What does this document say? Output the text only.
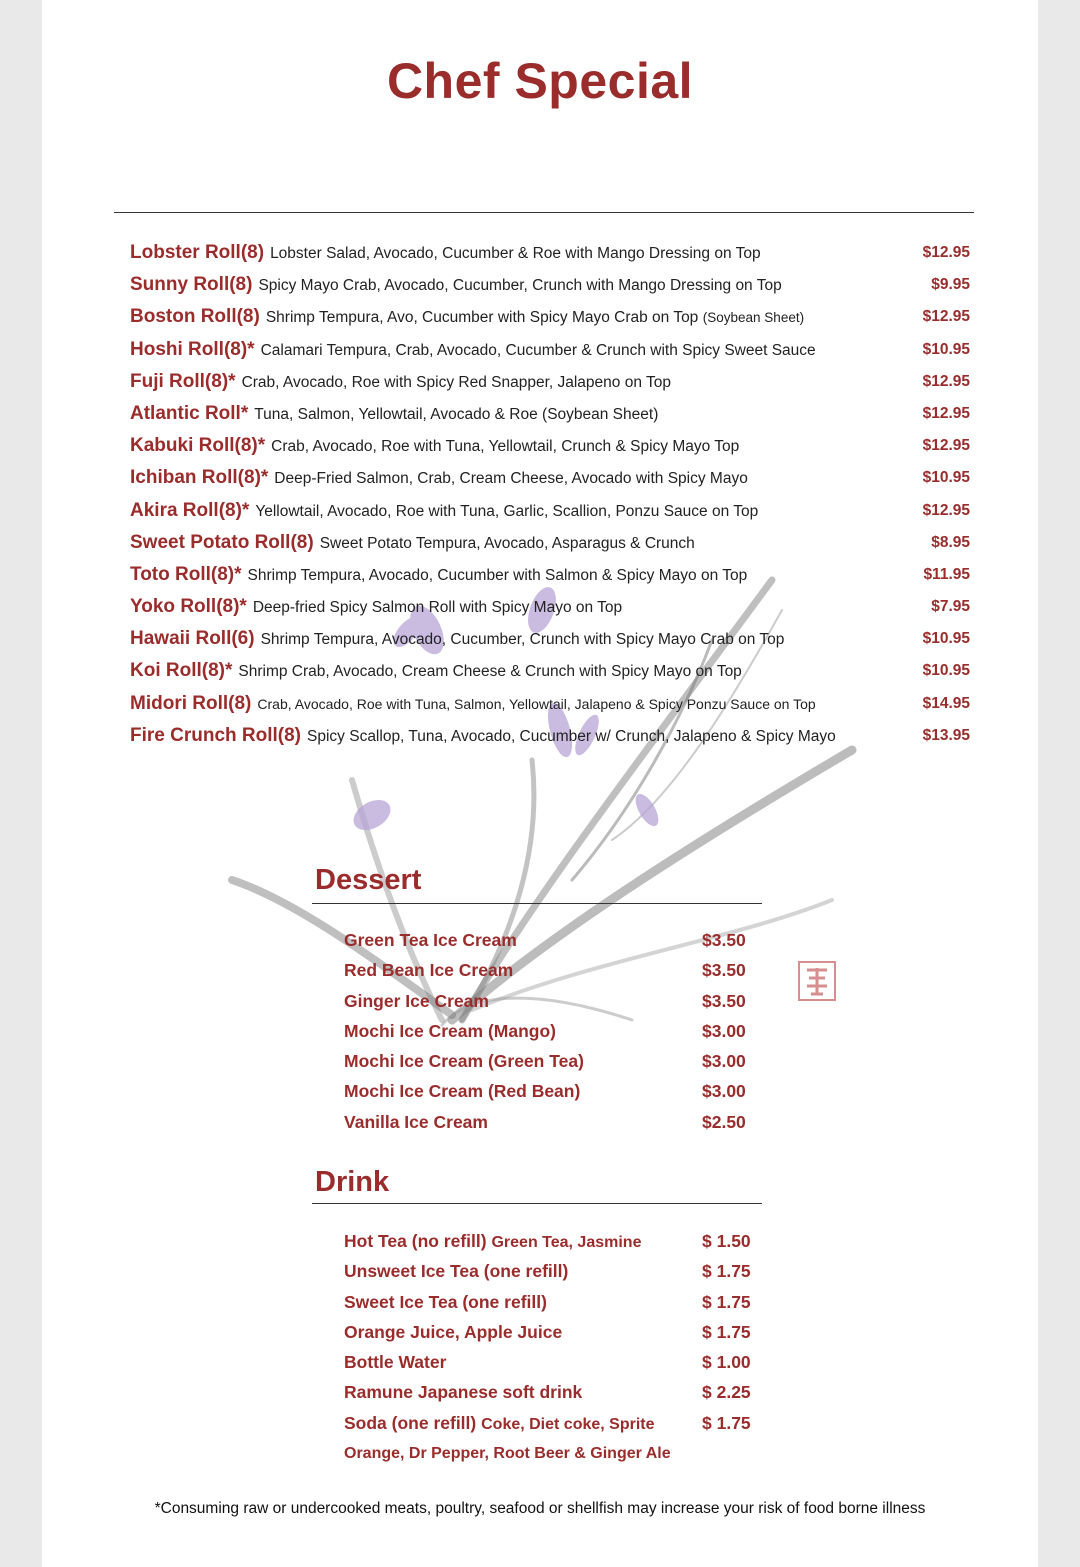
Chef Special
Lobster Roll(8) Lobster Salad, Avocado, Cucumber & Roe with Mango Dressing on Top	$12.95
Sunny Roll(8) Spicy Mayo Crab, Avocado, Cucumber, Crunch with Mango Dressing on Top	$9.95
Boston Roll(8) Shrimp Tempura, Avo, Cucumber with Spicy Mayo Crab on Top (Soybean Sheet)	$12.95
Hoshi Roll(8)* Calamari Tempura, Crab, Avocado, Cucumber & Crunch with Spicy Sweet Sauce	$10.95
Fuji Roll(8)* Crab, Avocado, Roe with Spicy Red Snapper, Jalapeno on Top	$12.95
Atlantic Roll* Tuna, Salmon, Yellowtail, Avocado & Roe (Soybean Sheet)	$12.95
Kabuki Roll(8)* Crab, Avocado, Roe with Tuna, Yellowtail, Crunch & Spicy Mayo Top	$12.95
Ichiban Roll(8)* Deep-Fried Salmon, Crab, Cream Cheese, Avocado with Spicy Mayo	$10.95
Akira Roll(8)* Yellowtail, Avocado, Roe with Tuna, Garlic, Scallion, Ponzu Sauce on Top	$12.95
Sweet Potato Roll(8) Sweet Potato Tempura, Avocado, Asparagus & Crunch	$8.95
Toto Roll(8)* Shrimp Tempura, Avocado, Cucumber with Salmon & Spicy Mayo on Top	$11.95
Yoko Roll(8)* Deep-fried Spicy Salmon Roll with Spicy Mayo on Top	$7.95
Hawaii Roll(6) Shrimp Tempura, Avocado, Cucumber, Crunch with Spicy Mayo Crab on Top	$10.95
Koi Roll(8)* Shrimp Crab, Avocado, Cream Cheese & Crunch with Spicy Mayo on Top	$10.95
Midori Roll(8) Crab, Avocado, Roe with Tuna, Salmon, Yellowtail, Jalapeno & Spicy Ponzu Sauce on Top	$14.95
Fire Crunch Roll(8) Spicy Scallop, Tuna, Avocado, Cucumber w/ Crunch, Jalapeno & Spicy Mayo	$13.95
Dessert
Green Tea Ice Cream	$3.50
Red Bean Ice Cream	$3.50
Ginger Ice Cream	$3.50
Mochi Ice Cream (Mango)	$3.00
Mochi Ice Cream (Green Tea)	$3.00
Mochi Ice Cream (Red Bean)	$3.00
Vanilla Ice Cream	$2.50
Drink
Hot Tea (no refill) Green Tea, Jasmine	$ 1.50
Unsweet Ice Tea (one refill)	$ 1.75
Sweet Ice Tea (one refill)	$ 1.75
Orange Juice, Apple Juice	$ 1.75
Bottle Water	$ 1.00
Ramune Japanese soft drink	$ 2.25
Soda (one refill) Coke, Diet coke, Sprite	$ 1.75
Orange, Dr Pepper, Root Beer & Ginger Ale
*Consuming raw or undercooked meats, poultry, seafood or shellfish may increase your risk of food borne illness
